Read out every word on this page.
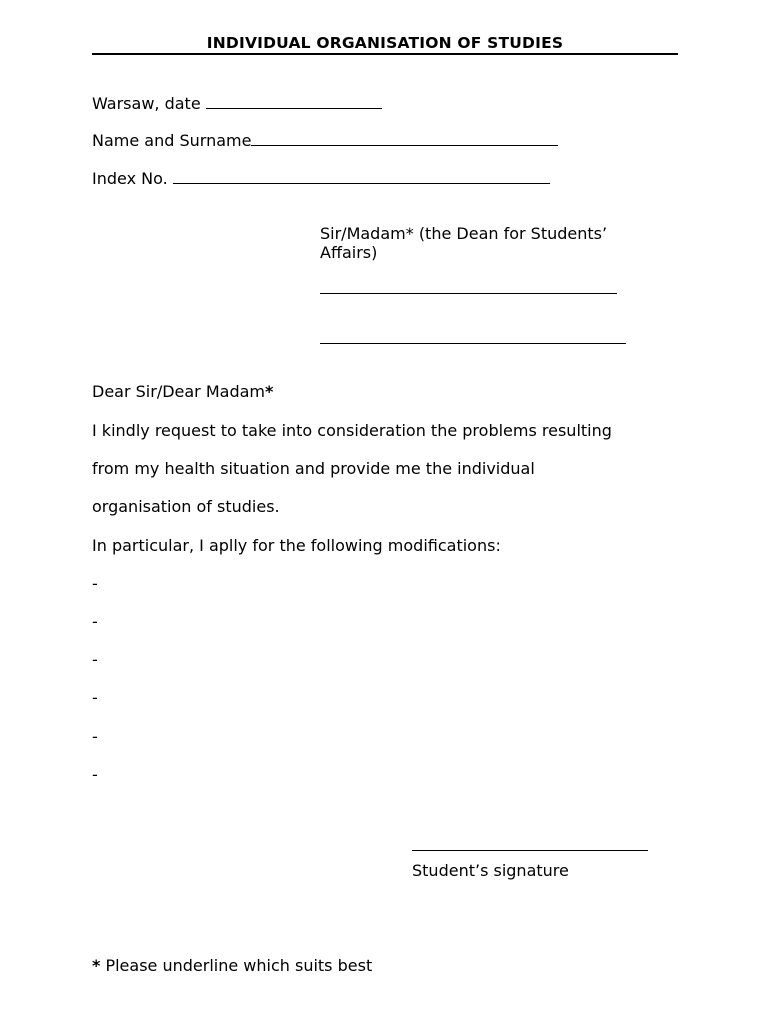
INDIVIDUAL ORGANISATION OF STUDIES
Warsaw, date
Name and Surname
Index No.
Sir/Madam* (the Dean for Students’
Affairs)
Dear Sir/Dear Madam*
I kindly request to take into consideration the problems resulting
from my health situation and provide me the individual
organisation of studies.
In particular, I aplly for the following modifications:
-
-
-
-
-
-
Student’s signature
* Please underline which suits best
